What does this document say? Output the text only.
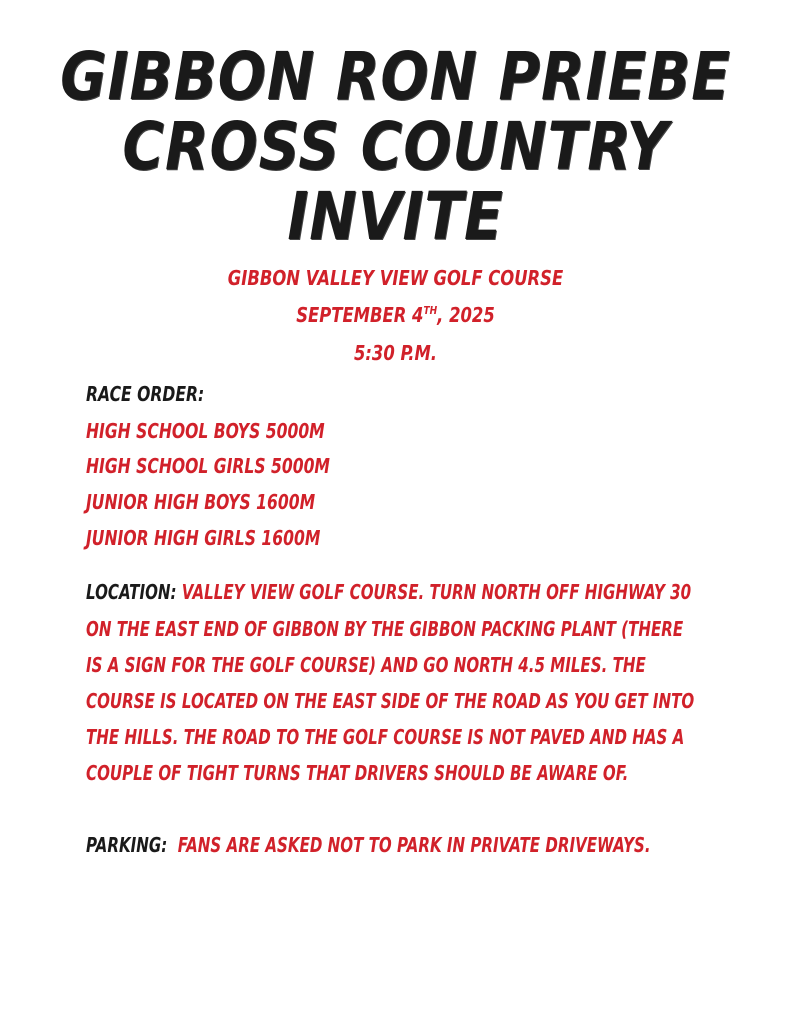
GIBBON RON PRIEBE
CROSS COUNTRY
INVITE
GIBBON VALLEY VIEW GOLF COURSE
SEPTEMBER 4TH, 2025
5:30 P.M.
RACE ORDER:
HIGH SCHOOL BOYS 5000M
HIGH SCHOOL GIRLS 5000M
JUNIOR HIGH BOYS 1600M
JUNIOR HIGH GIRLS 1600M
LOCATION: VALLEY VIEW GOLF COURSE. TURN NORTH OFF HIGHWAY 30
ON THE EAST END OF GIBBON BY THE GIBBON PACKING PLANT (THERE
IS A SIGN FOR THE GOLF COURSE) AND GO NORTH 4.5 MILES. THE
COURSE IS LOCATED ON THE EAST SIDE OF THE ROAD AS YOU GET INTO
THE HILLS. THE ROAD TO THE GOLF COURSE IS NOT PAVED AND HAS A
COUPLE OF TIGHT TURNS THAT DRIVERS SHOULD BE AWARE OF.
PARKING:  FANS ARE ASKED NOT TO PARK IN PRIVATE DRIVEWAYS.
